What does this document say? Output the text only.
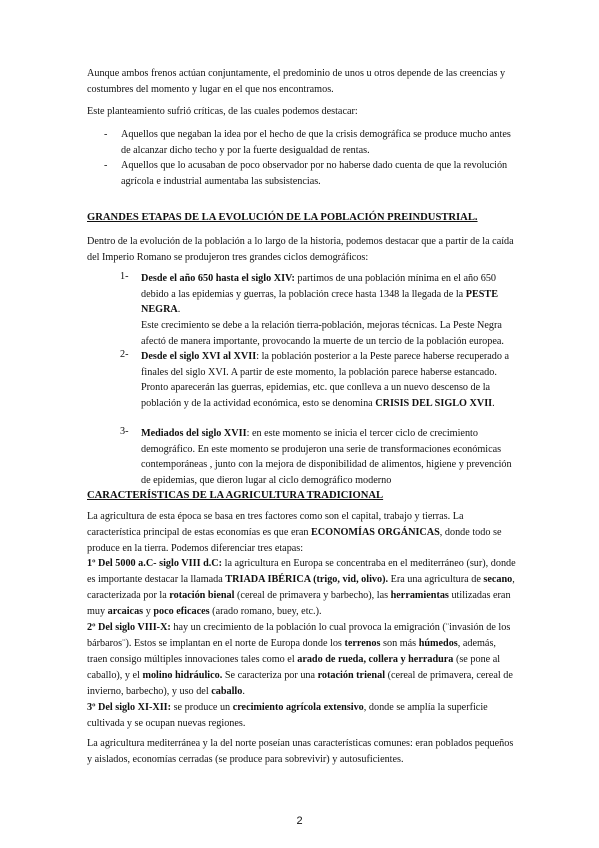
Aunque ambos frenos actúan conjuntamente, el predominio de unos u otros depende de las creencias y costumbres del momento y lugar en el que nos encontramos.
Este planteamiento sufrió críticas, de las cuales podemos destacar:
- Aquellos que negaban la idea por el hecho de que la crisis demográfica se produce mucho antes de alcanzar dicho techo y por la fuerte desigualdad de rentas.
- Aquellos que lo acusaban de poco observador por no haberse dado cuenta de que la revolución agrícola e industrial aumentaba las subsistencias.
GRANDES ETAPAS DE LA EVOLUCIÓN DE LA POBLACIÓN PREINDUSTRIAL.
Dentro de la evolución de la población a lo largo de la historia, podemos destacar que a partir de la caída del Imperio Romano se produjeron tres grandes ciclos demográficos:
1- Desde el año 650 hasta el siglo XIV: partimos de una población mínima en el año 650 debido a las epidemias y guerras, la población crece hasta 1348 la llegada de la PESTE NEGRA.
Este crecimiento se debe a la relación tierra-población, mejoras técnicas. La Peste Negra afectó de manera importante, provocando la muerte de un tercio de la población europea.
2- Desde el siglo XVI al XVII: la población posterior a la Peste parece haberse recuperado a finales del siglo XVI. A partir de este momento, la población parece haberse estancado. Pronto aparecerán las guerras, epidemias, etc. que conlleva a un nuevo descenso de la población y de la actividad económica, esto se denomina CRISIS DEL SIGLO XVII.
3- Mediados del siglo XVII: en este momento se inicia el tercer ciclo de crecimiento demográfico. En este momento se produjeron una serie de transformaciones económicas contemporáneas , junto con la mejora de disponibilidad de alimentos, higiene y prevención de epidemias, que dieron lugar al ciclo demográfico moderno
CARACTERÍSTICAS DE LA AGRICULTURA TRADICIONAL
La agricultura de esta época se basa en tres factores como son el capital, trabajo y tierras. La característica principal de estas economías es que eran ECONOMÍAS ORGÁNICAS, donde todo se produce en la tierra. Podemos diferenciar tres etapas:
1º Del 5000 a.C- siglo VIII d.C: la agricultura en Europa se concentraba en el mediterráneo (sur), donde es importante destacar la llamada TRIADA IBÉRICA (trigo, vid, olivo). Era una agricultura de secano, caracterizada por la rotación bienal (cereal de primavera y barbecho), las herramientas utilizadas eran muy arcaicas y poco eficaces (arado romano, buey, etc.).
2º Del siglo VIII-X: hay un crecimiento de la población lo cual provoca la emigración (¨invasión de los bárbaros¨). Estos se implantan en el norte de Europa donde los terrenos son más húmedos, además, traen consigo múltiples innovaciones tales como el arado de rueda, collera y herradura (se pone al caballo), y el molino hidráulico. Se caracteriza por una rotación trienal (cereal de primavera, cereal de invierno, barbecho), y uso del caballo.
3º Del siglo XI-XII: se produce un crecimiento agrícola extensivo, donde se amplía la superficie cultivada y se ocupan nuevas regiones.
La agricultura mediterránea y la del norte poseían unas características comunes: eran poblados pequeños y aislados, economías cerradas (se produce para sobrevivir) y autosuficientes.
2
